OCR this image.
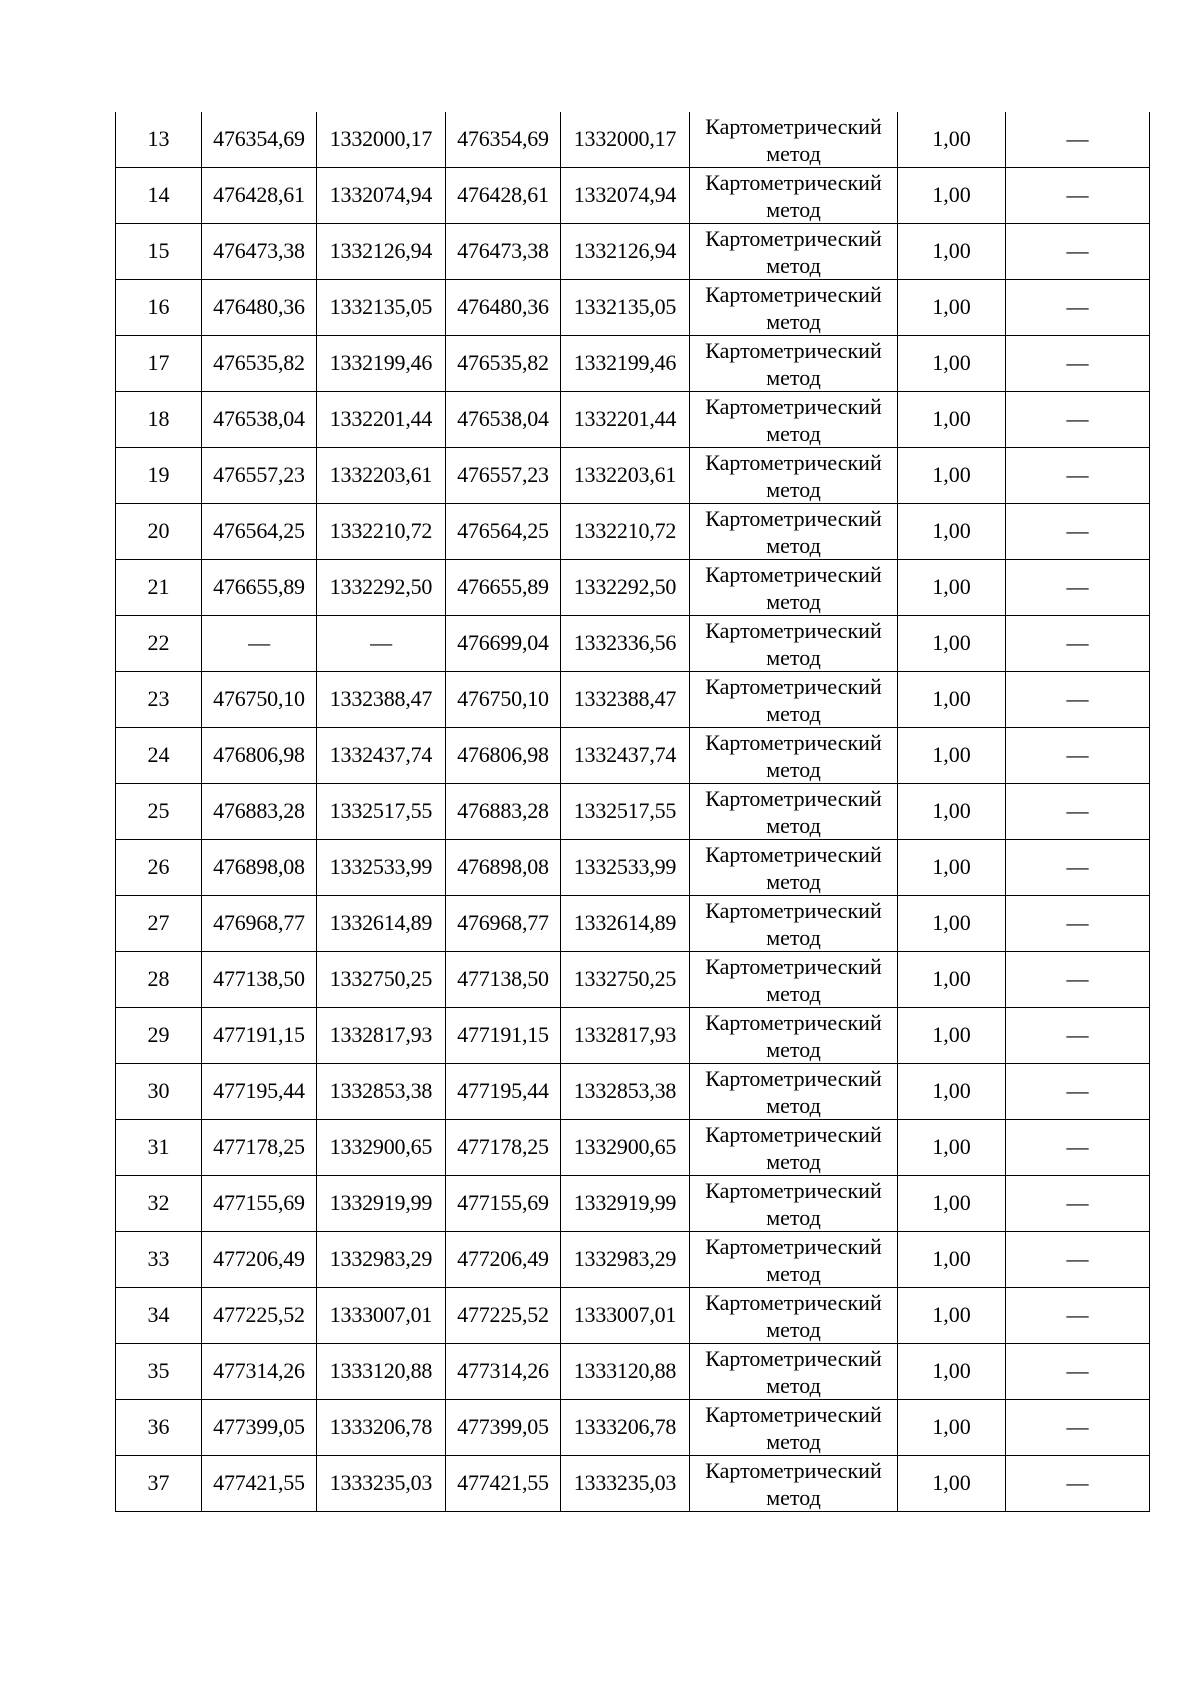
13	476354,69	1332000,17	476354,69	1332000,17	Картометрический метод	1,00	—
14	476428,61	1332074,94	476428,61	1332074,94	Картометрический метод	1,00	—
15	476473,38	1332126,94	476473,38	1332126,94	Картометрический метод	1,00	—
16	476480,36	1332135,05	476480,36	1332135,05	Картометрический метод	1,00	—
17	476535,82	1332199,46	476535,82	1332199,46	Картометрический метод	1,00	—
18	476538,04	1332201,44	476538,04	1332201,44	Картометрический метод	1,00	—
19	476557,23	1332203,61	476557,23	1332203,61	Картометрический метод	1,00	—
20	476564,25	1332210,72	476564,25	1332210,72	Картометрический метод	1,00	—
21	476655,89	1332292,50	476655,89	1332292,50	Картометрический метод	1,00	—
22	—	—	476699,04	1332336,56	Картометрический метод	1,00	—
23	476750,10	1332388,47	476750,10	1332388,47	Картометрический метод	1,00	—
24	476806,98	1332437,74	476806,98	1332437,74	Картометрический метод	1,00	—
25	476883,28	1332517,55	476883,28	1332517,55	Картометрический метод	1,00	—
26	476898,08	1332533,99	476898,08	1332533,99	Картометрический метод	1,00	—
27	476968,77	1332614,89	476968,77	1332614,89	Картометрический метод	1,00	—
28	477138,50	1332750,25	477138,50	1332750,25	Картометрический метод	1,00	—
29	477191,15	1332817,93	477191,15	1332817,93	Картометрический метод	1,00	—
30	477195,44	1332853,38	477195,44	1332853,38	Картометрический метод	1,00	—
31	477178,25	1332900,65	477178,25	1332900,65	Картометрический метод	1,00	—
32	477155,69	1332919,99	477155,69	1332919,99	Картометрический метод	1,00	—
33	477206,49	1332983,29	477206,49	1332983,29	Картометрический метод	1,00	—
34	477225,52	1333007,01	477225,52	1333007,01	Картометрический метод	1,00	—
35	477314,26	1333120,88	477314,26	1333120,88	Картометрический метод	1,00	—
36	477399,05	1333206,78	477399,05	1333206,78	Картометрический метод	1,00	—
37	477421,55	1333235,03	477421,55	1333235,03	Картометрический метод	1,00	—
